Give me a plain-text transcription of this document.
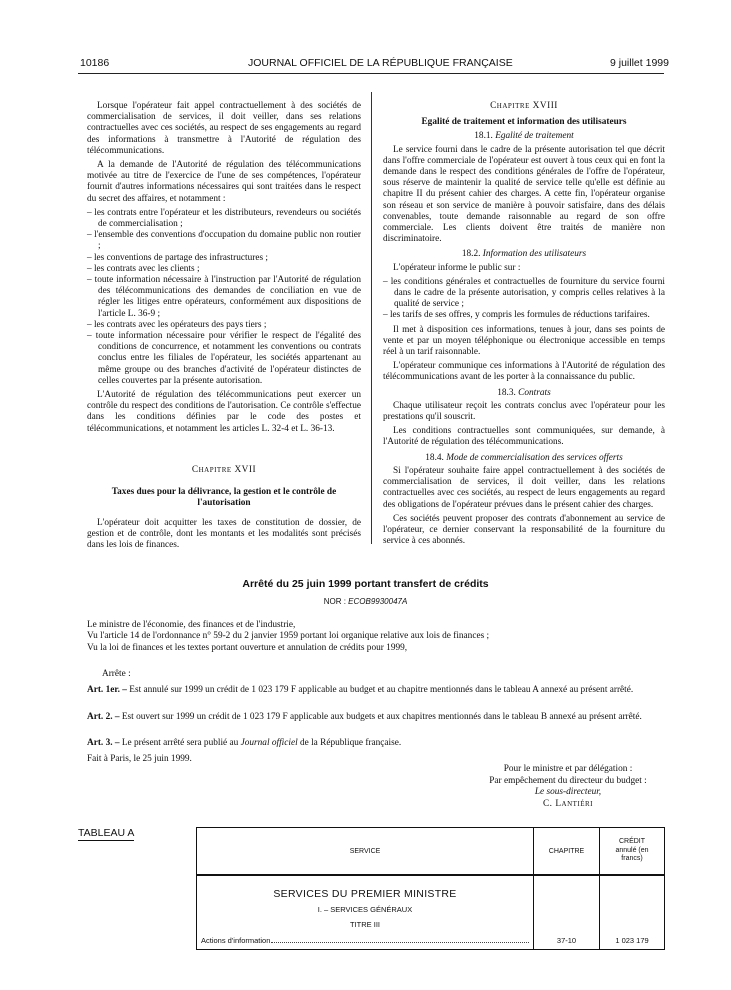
10186	JOURNAL OFFICIEL DE LA RÉPUBLIQUE FRANÇAISE	9 juillet 1999

Lorsque l'opérateur fait appel contractuellement à des sociétés de commercialisation de services, il doit veiller, dans ses relations contractuelles avec ces sociétés, au respect de ses engagements au regard des informations à transmettre à l'Autorité de régulation des télécommunications.

A la demande de l'Autorité de régulation des télécommunications motivée au titre de l'exercice de l'une de ses compétences, l'opérateur fournit d'autres informations nécessaires qui sont traitées dans le respect du secret des affaires, et notamment :

– les contrats entre l'opérateur et les distributeurs, revendeurs ou sociétés de commercialisation ;
– l'ensemble des conventions d'occupation du domaine public non routier ;
– les conventions de partage des infrastructures ;
– les contrats avec les clients ;
– toute information nécessaire à l'instruction par l'Autorité de régulation des télécommunications des demandes de conciliation en vue de régler les litiges entre opérateurs, conformément aux dispositions de l'article L. 36-9 ;
– les contrats avec les opérateurs des pays tiers ;
– toute information nécessaire pour vérifier le respect de l'égalité des conditions de concurrence, et notamment les conventions ou contrats conclus entre les filiales de l'opérateur, les sociétés appartenant au même groupe ou des branches d'activité de l'opérateur distinctes de celles couvertes par la présente autorisation.

L'Autorité de régulation des télécommunications peut exercer un contrôle du respect des conditions de l'autorisation. Ce contrôle s'effectue dans les conditions définies par le code des postes et télécommunications, et notamment les articles L. 32-4 et L. 36-13.

Chapitre XVII
Taxes dues pour la délivrance, la gestion et le contrôle de l'autorisation

L'opérateur doit acquitter les taxes de constitution de dossier, de gestion et de contrôle, dont les montants et les modalités sont précisés dans les lois de finances.

Chapitre XVIII
Egalité de traitement et information des utilisateurs
18.1. Egalité de traitement

Le service fourni dans le cadre de la présente autorisation tel que décrit dans l'offre commerciale de l'opérateur est ouvert à tous ceux qui en font la demande dans le respect des conditions générales de l'offre de l'opérateur, sous réserve de maintenir la qualité de service telle qu'elle est définie au chapitre II du présent cahier des charges. A cette fin, l'opérateur organise son réseau et son service de manière à pouvoir satisfaire, dans des délais convenables, toute demande raisonnable au regard de son offre commerciale. Les clients doivent être traités de manière non discriminatoire.

18.2. Information des utilisateurs

L'opérateur informe le public sur :

– les conditions générales et contractuelles de fourniture du service fourni dans le cadre de la présente autorisation, y compris celles relatives à la qualité de service ;
– les tarifs de ses offres, y compris les formules de réductions tarifaires.

Il met à disposition ces informations, tenues à jour, dans ses points de vente et par un moyen téléphonique ou électronique accessible en temps réel à un tarif raisonnable.

L'opérateur communique ces informations à l'Autorité de régulation des télécommunications avant de les porter à la connaissance du public.

18.3. Contrats

Chaque utilisateur reçoit les contrats conclus avec l'opérateur pour les prestations qu'il souscrit.

Les conditions contractuelles sont communiquées, sur demande, à l'Autorité de régulation des télécommunications.

18.4. Mode de commercialisation des services offerts

Si l'opérateur souhaite faire appel contractuellement à des sociétés de commercialisation de services, il doit veiller, dans les relations contractuelles avec ces sociétés, au respect de leurs engagements au regard des obligations de l'opérateur prévues dans le présent cahier des charges.

Ces sociétés peuvent proposer des contrats d'abonnement au service de l'opérateur, ce dernier conservant la responsabilité de la fourniture du service à ces abonnés.

Arrêté du 25 juin 1999 portant transfert de crédits
NOR : ECOB9930047A

Le ministre de l'économie, des finances et de l'industrie,

Vu l'article 14 de l'ordonnance n° 59-2 du 2 janvier 1959 portant loi organique relative aux lois de finances ;

Vu la loi de finances et les textes portant ouverture et annulation de crédits pour 1999,

Arrête :
Art. 1er. – Est annulé sur 1999 un crédit de 1 023 179 F applicable au budget et au chapitre mentionnés dans le tableau A annexé au présent arrêté.
Art. 2. – Est ouvert sur 1999 un crédit de 1 023 179 F applicable aux budgets et aux chapitres mentionnés dans le tableau B annexé au présent arrêté.
Art. 3. – Le présent arrêté sera publié au Journal officiel de la République française.
Fait à Paris, le 25 juin 1999.
Pour le ministre et par délégation :
Par empêchement du directeur du budget :
Le sous-directeur,
C. Lantiéri
TABLEAU A
SERVICE	CHAPITRE	CRÉDIT annulé (en francs)

SERVICES DU PREMIER MINISTRE
I. – SERVICES GÉNÉRAUX
TITRE III
Actions d'information	37-10	1 023 179
